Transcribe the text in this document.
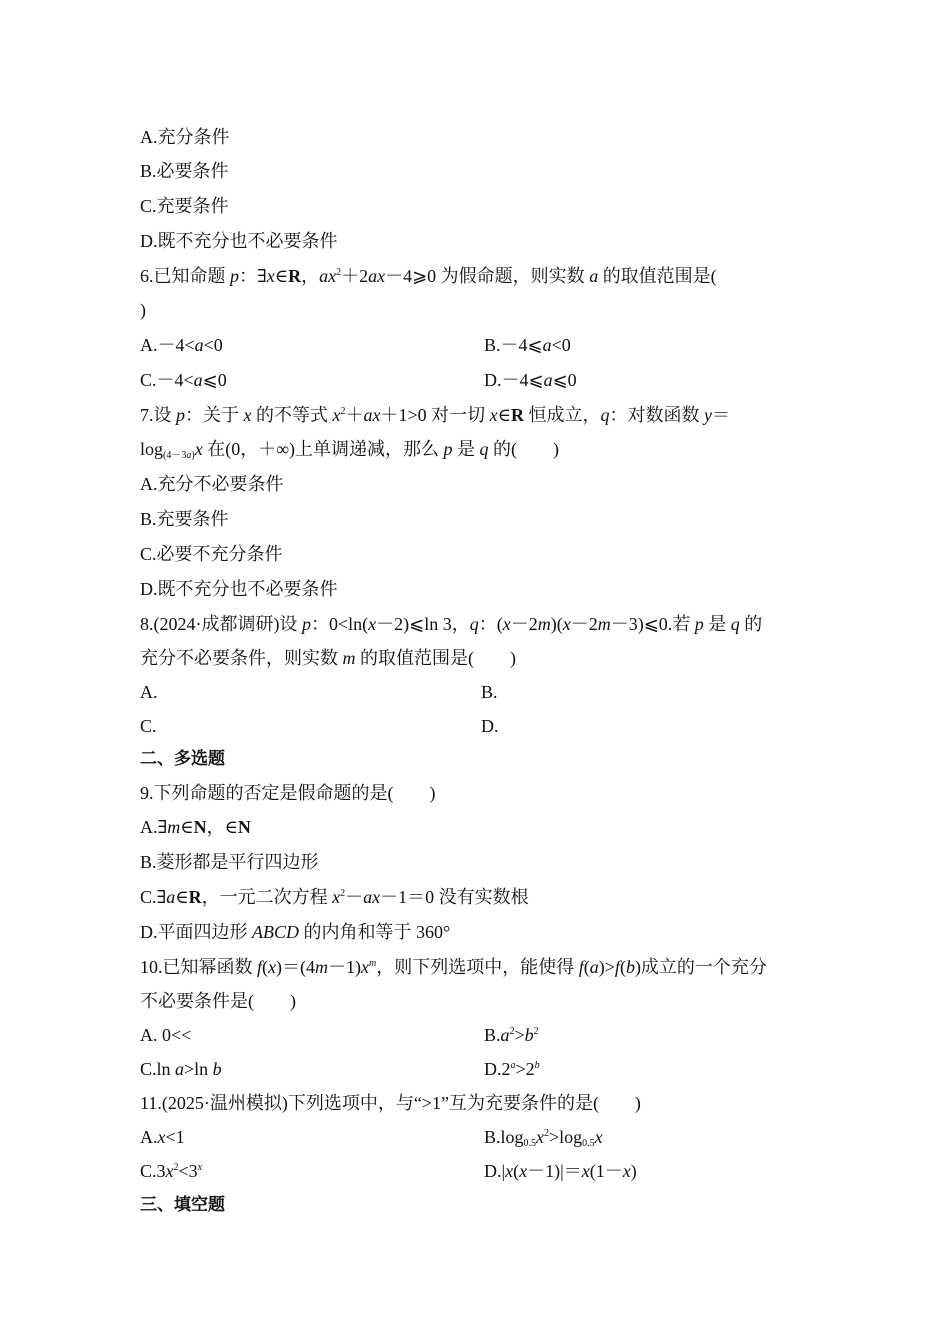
A.充分条件
B.必要条件
C.充要条件
D.既不充分也不必要条件
6.已知命题 p：∃x∈R，$ax^2+2ax-4⩾0$ 为假命题，则实数 a 的取值范围是(
)
A.－4<a<0	B.－4⩽a<0
C.－4<a⩽0	D.－4⩽a⩽0
7.设 p：关于 x 的不等式 $x^2+ax+1>0$ 对一切 x∈R 恒成立，q：对数函数 y＝
$\log_{(4-3a)}x$ 在(0，＋∞)上单调递减，那么 p 是 q 的(　　)
A.充分不必要条件
B.充要条件
C.必要不充分条件
D.既不充分也不必要条件
8.(2024·成都调研)设 p：0<ln(x－2)⩽ln 3，q：(x－2m)(x－2m－3)⩽0.若 p 是 q 的
充分不必要条件，则实数 m 的取值范围是(　　)
A.	B.
C.	D.
二、多选题
9.下列命题的否定是假命题的是(　　)
A.∃m∈N，∈N
B.菱形都是平行四边形
C.∃a∈R，一元二次方程 $x^2-ax-1=0$ 没有实数根
D.平面四边形 ABCD 的内角和等于 360°
10.已知幂函数 $f(x)=(4m-1)x^m$，则下列选项中，能使得 f(a)>f(b)成立的一个充分
不必要条件是(　　)
A. 0<<	$B.a^2>b^2$
C.ln a>ln b	$D.2^a>2^b$
11.(2025·温州模拟)下列选项中，与“>1”互为充要条件的是(　　)
A.x<1	$B.\log_{0.5}x^2>\log_{0.5}x$
$C.3x^2<3^x$	D.|x(x－1)|＝x(1－x)
三、填空题
